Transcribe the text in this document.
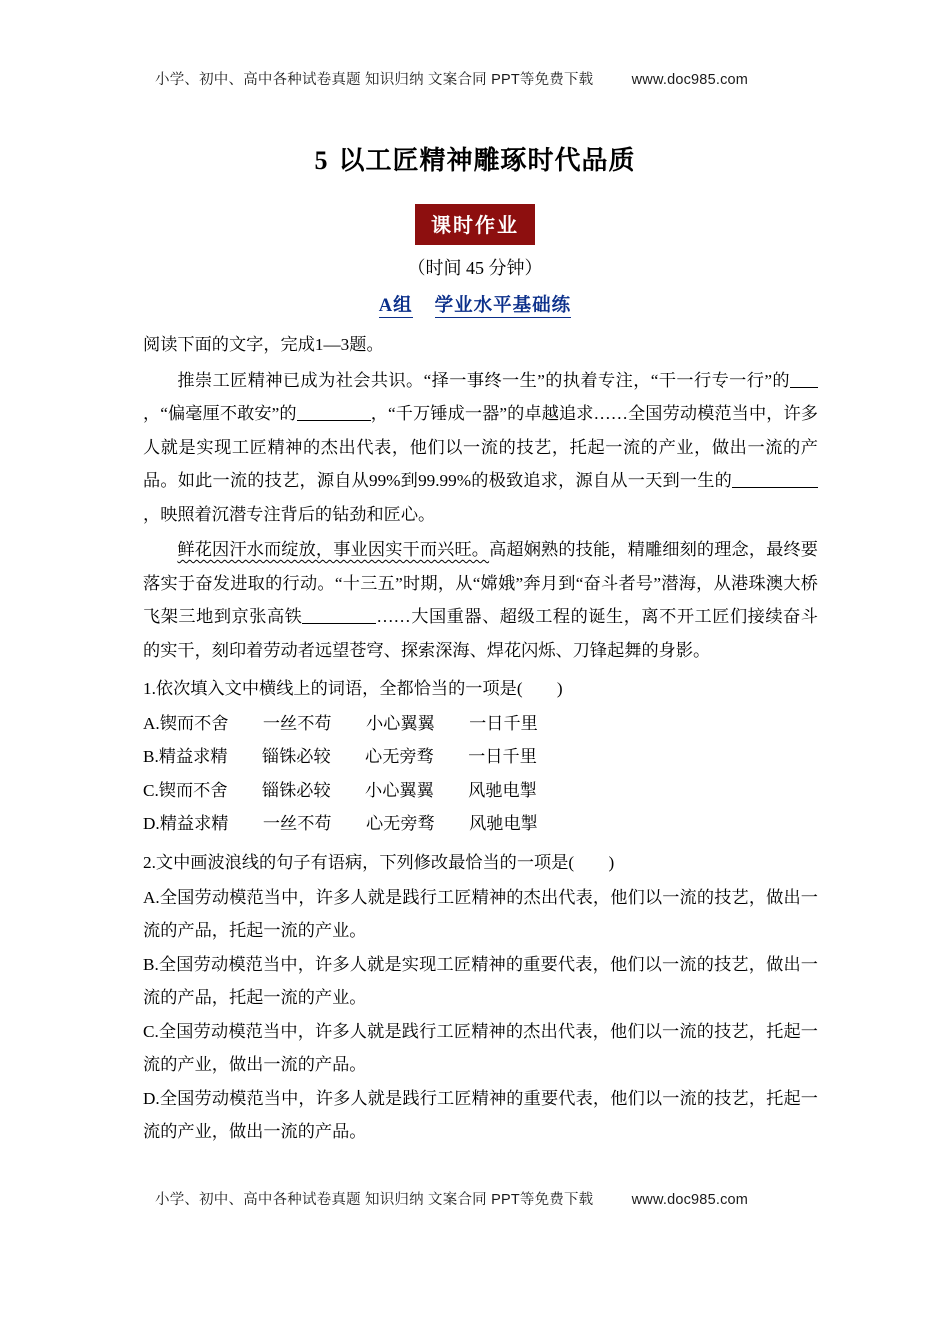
小学、初中、高中各种试卷真题 知识归纳 文案合同 PPT等免费下载	www.doc985.com
5 以工匠精神雕琢时代品质
课时作业
（时间 45 分钟）
A组 学业水平基础练

阅读下面的文字，完成1—3题。

推崇工匠精神已成为社会共识。“择一事终一生”的执着专注，“干一行专一行”的，“偏毫厘不敢安”的	，“千万锤成一器”的卓越追求……全国劳动模范当中，许多人就是实现工匠精神的杰出代表，他们以一流的技艺，托起一流的产业，做出一流的产品。如此一流的技艺，源自从99%到99.99%的极致追求，源自从一天到一生的，映照着沉潜专注背后的钻劲和匠心。

鲜花因汗水而绽放，事业因实干而兴旺。高超娴熟的技能，精雕细刻的理念，最终要落实于奋发进取的行动。“十三五”时期，从“嫦娥”奔月到“奋斗者号”潜海，从港珠澳大桥飞架三地到京张高铁	……大国重器、超级工程的诞生，离不开工匠们接续奋斗的实干，刻印着劳动者远望苍穹、探索深海、焊花闪烁、刀锋起舞的身影。

1.依次填入文中横线上的词语，全都恰当的一项是(　　)

A.锲而不舍　　一丝不苟　　小心翼翼　　一日千里

B.精益求精　　锱铢必较　　心无旁骛　　一日千里

C.锲而不舍　　锱铢必较　　小心翼翼　　风驰电掣

D.精益求精　　一丝不苟　　心无旁骛　　风驰电掣

2.文中画波浪线的句子有语病，下列修改最恰当的一项是(　　)

A.全国劳动模范当中，许多人就是践行工匠精神的杰出代表，他们以一流的技艺，做出一流的产品，托起一流的产业。

B.全国劳动模范当中，许多人就是实现工匠精神的重要代表，他们以一流的技艺，做出一流的产品，托起一流的产业。

C.全国劳动模范当中，许多人就是践行工匠精神的杰出代表，他们以一流的技艺，托起一流的产业，做出一流的产品。

D.全国劳动模范当中，许多人就是践行工匠精神的重要代表，他们以一流的技艺，托起一流的产业，做出一流的产品。

小学、初中、高中各种试卷真题 知识归纳 文案合同 PPT等免费下载	www.doc985.com
